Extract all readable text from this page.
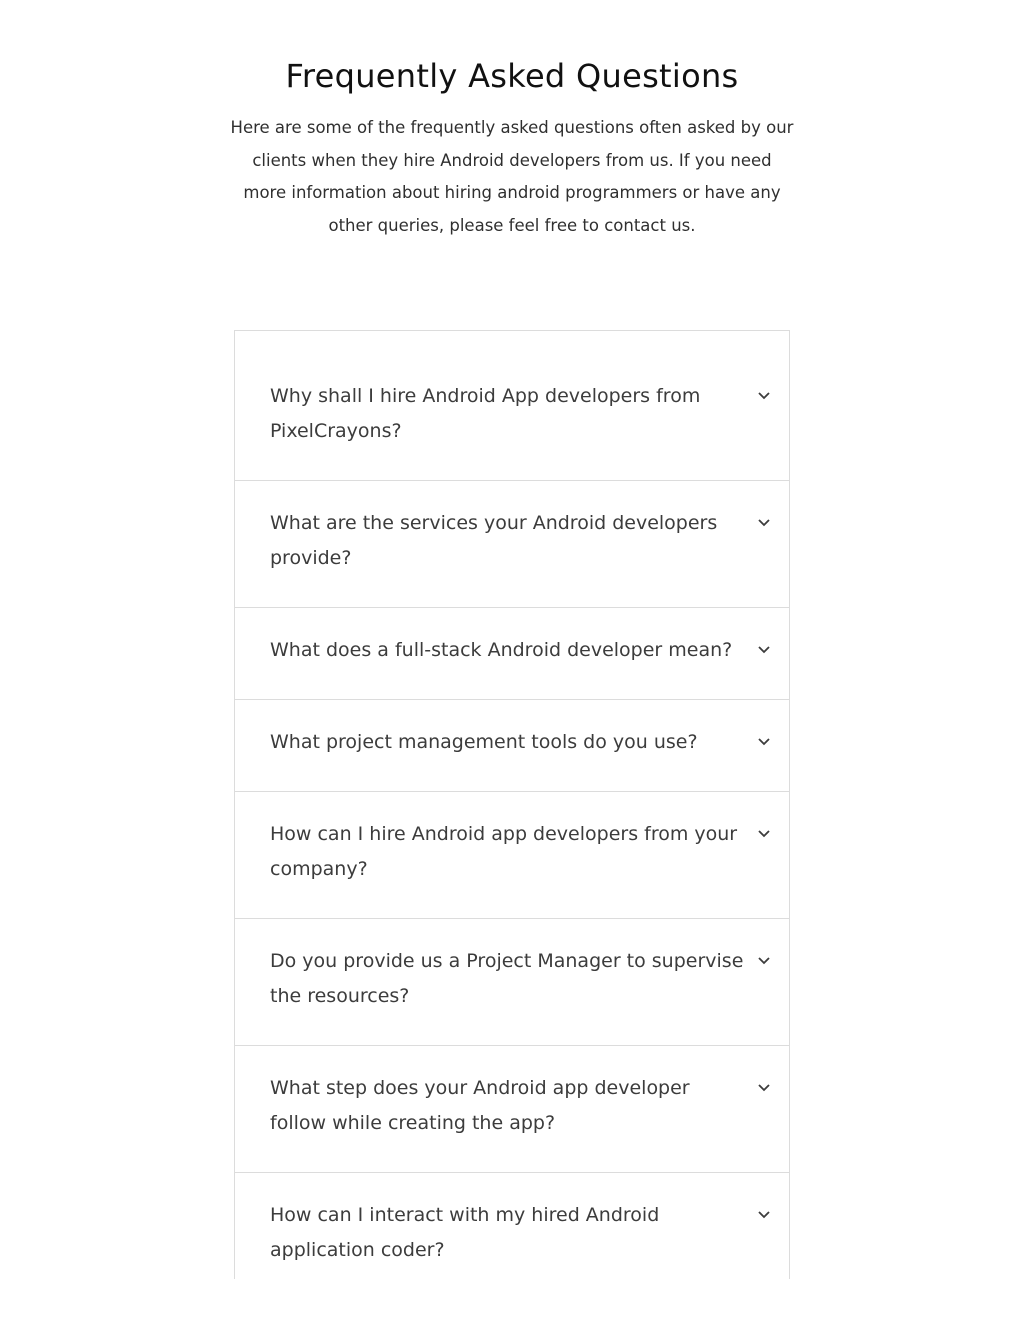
Frequently Asked Questions

Here are some of the frequently asked questions often asked by our clients when they hire Android developers from us. If you need more information about hiring android programmers or have any other queries, please feel free to contact us.

Why shall I hire Android App developers from PixelCrayons?
What are the services your Android developers provide?
What does a full-stack Android developer mean?
What project management tools do you use?
How can I hire Android app developers from your company?
Do you provide us a Project Manager to supervise the resources?
What step does your Android app developer follow while creating the app?
How can I interact with my hired Android application coder?
